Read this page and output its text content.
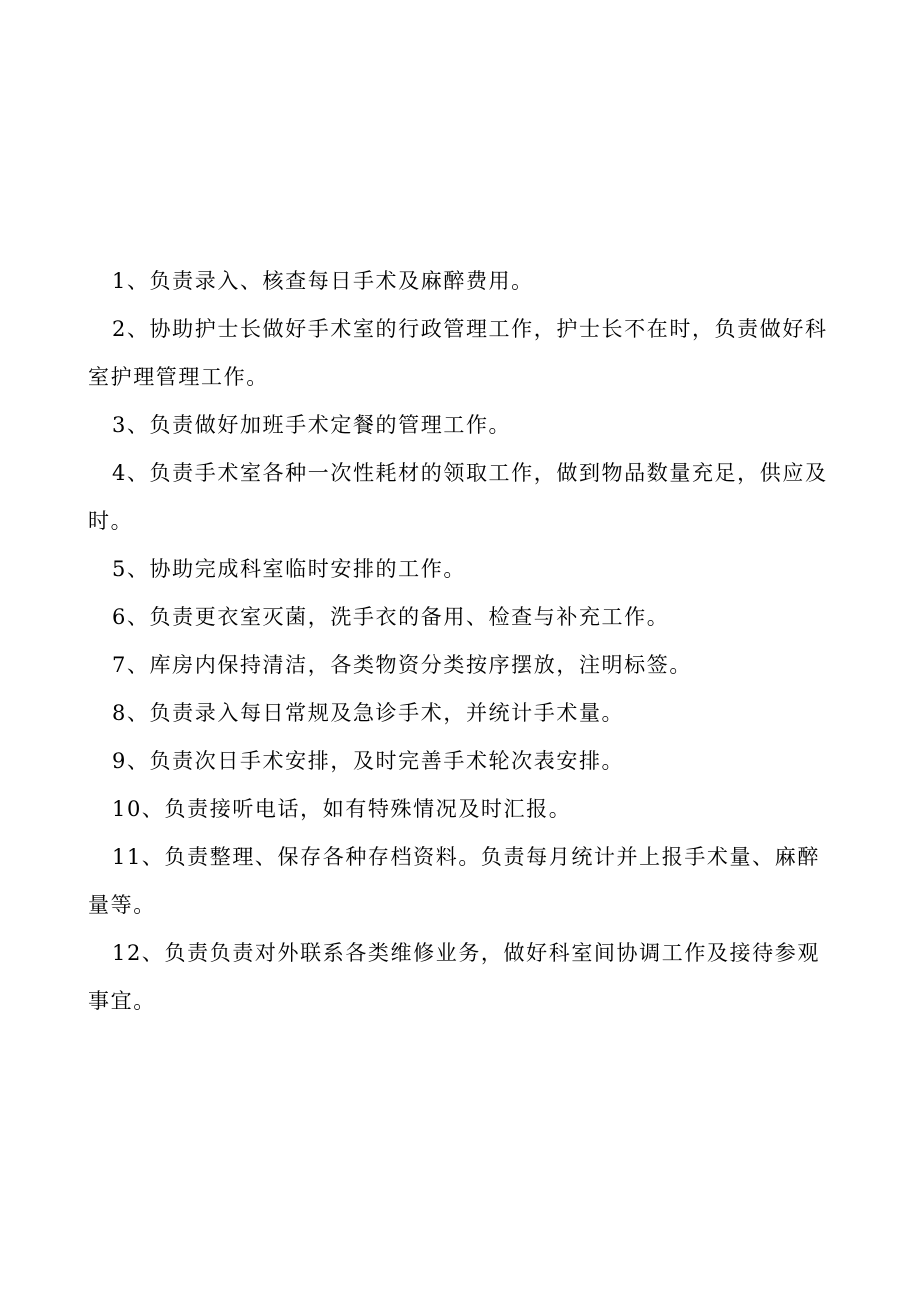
1、负责录入、核查每日手术及麻醉费用。

2、协助护士长做好手术室的行政管理工作，护士长不在时，负责做好科室护理管理工作。

3、负责做好加班手术定餐的管理工作。

4、负责手术室各种一次性耗材的领取工作，做到物品数量充足，供应及时。

5、协助完成科室临时安排的工作。

6、负责更衣室灭菌，洗手衣的备用、检查与补充工作。

7、库房内保持清洁，各类物资分类按序摆放，注明标签。

8、负责录入每日常规及急诊手术，并统计手术量。

9、负责次日手术安排，及时完善手术轮次表安排。

10、负责接听电话，如有特殊情况及时汇报。

11、负责整理、保存各种存档资料。负责每月统计并上报手术量、麻醉量等。

12、负责负责对外联系各类维修业务，做好科室间协调工作及接待参观事宜。
